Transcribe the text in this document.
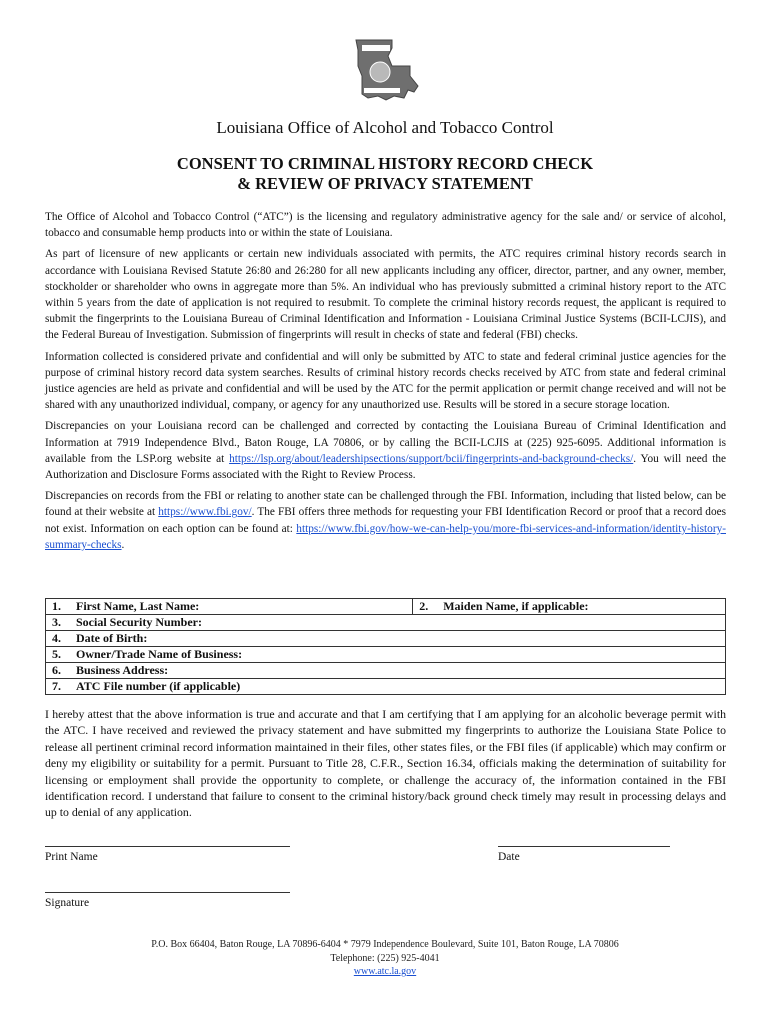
Louisiana Office of Alcohol and Tobacco Control
CONSENT TO CRIMINAL HISTORY RECORD CHECK
& REVIEW OF PRIVACY STATEMENT

The Office of Alcohol and Tobacco Control (“ATC”) is the licensing and regulatory administrative agency for the sale and/ or service of alcohol, tobacco and consumable hemp products into or within the state of Louisiana.

As part of licensure of new applicants or certain new individuals associated with permits, the ATC requires criminal history records search in accordance with Louisiana Revised Statute 26:80 and 26:280 for all new applicants including any officer, director, partner, and any owner, member, stockholder or shareholder who owns in aggregate more than 5%. An individual who has previously submitted a criminal history report to the ATC within 5 years from the date of application is not required to resubmit. To complete the criminal history records request, the applicant is required to submit the fingerprints to the Louisiana Bureau of Criminal Identification and Information - Louisiana Criminal Justice Systems (BCII-LCJIS), and the Federal Bureau of Investigation. Submission of fingerprints will result in checks of state and federal (FBI) checks.

Information collected is considered private and confidential and will only be submitted by ATC to state and federal criminal justice agencies for the purpose of criminal history record data system searches. Results of criminal history records checks received by ATC from state and federal criminal justice agencies are held as private and confidential and will be used by the ATC for the permit application or permit change received and will not be shared with any unauthorized individual, company, or agency for any unauthorized use. Results will be stored in a secure storage location.

Discrepancies on your Louisiana record can be challenged and corrected by contacting the Louisiana Bureau of Criminal Identification and Information at 7919 Independence Blvd., Baton Rouge, LA 70806, or by calling the BCII-LCJIS at (225) 925-6095. Additional information is available from the LSP.org website at https://lsp.org/about/leadershipsections/support/bcii/fingerprints-and-background-checks/. You will need the Authorization and Disclosure Forms associated with the Right to Review Process.

Discrepancies on records from the FBI or relating to another state can be challenged through the FBI. Information, including that listed below, can be found at their website at https://www.fbi.gov/. The FBI offers three methods for requesting your FBI Identification Record or proof that a record does not exist. Information on each option can be found at: https://www.fbi.gov/how-we-can-help-you/more-fbi-services-and-information/identity-history-summary-checks.

1. First Name, Last Name:	2. Maiden Name, if applicable:
3. Social Security Number:
4. Date of Birth:
5. Owner/Trade Name of Business:
6. Business Address:
7. ATC File number (if applicable)
I hereby attest that the above information is true and accurate and that I am certifying that I am applying for an alcoholic beverage permit with the ATC. I have received and reviewed the privacy statement and have submitted my fingerprints to authorize the Louisiana State Police to release all pertinent criminal record information maintained in their files, other states files, or the FBI files (if applicable) which may confirm or deny my eligibility or suitability for a permit. Pursuant to Title 28, C.F.R., Section 16.34, officials making the determination of suitability for licensing or employment shall provide the opportunity to complete, or challenge the accuracy of, the information contained in the FBI identification record. I understand that failure to consent to the criminal history/back ground check timely may result in processing delays and up to denial of any application.
Print Name	Date
Signature
P.O. Box 66404, Baton Rouge, LA 70896-6404 * 7979 Independence Boulevard, Suite 101, Baton Rouge, LA 70806
Telephone: (225) 925-4041
www.atc.la.gov
